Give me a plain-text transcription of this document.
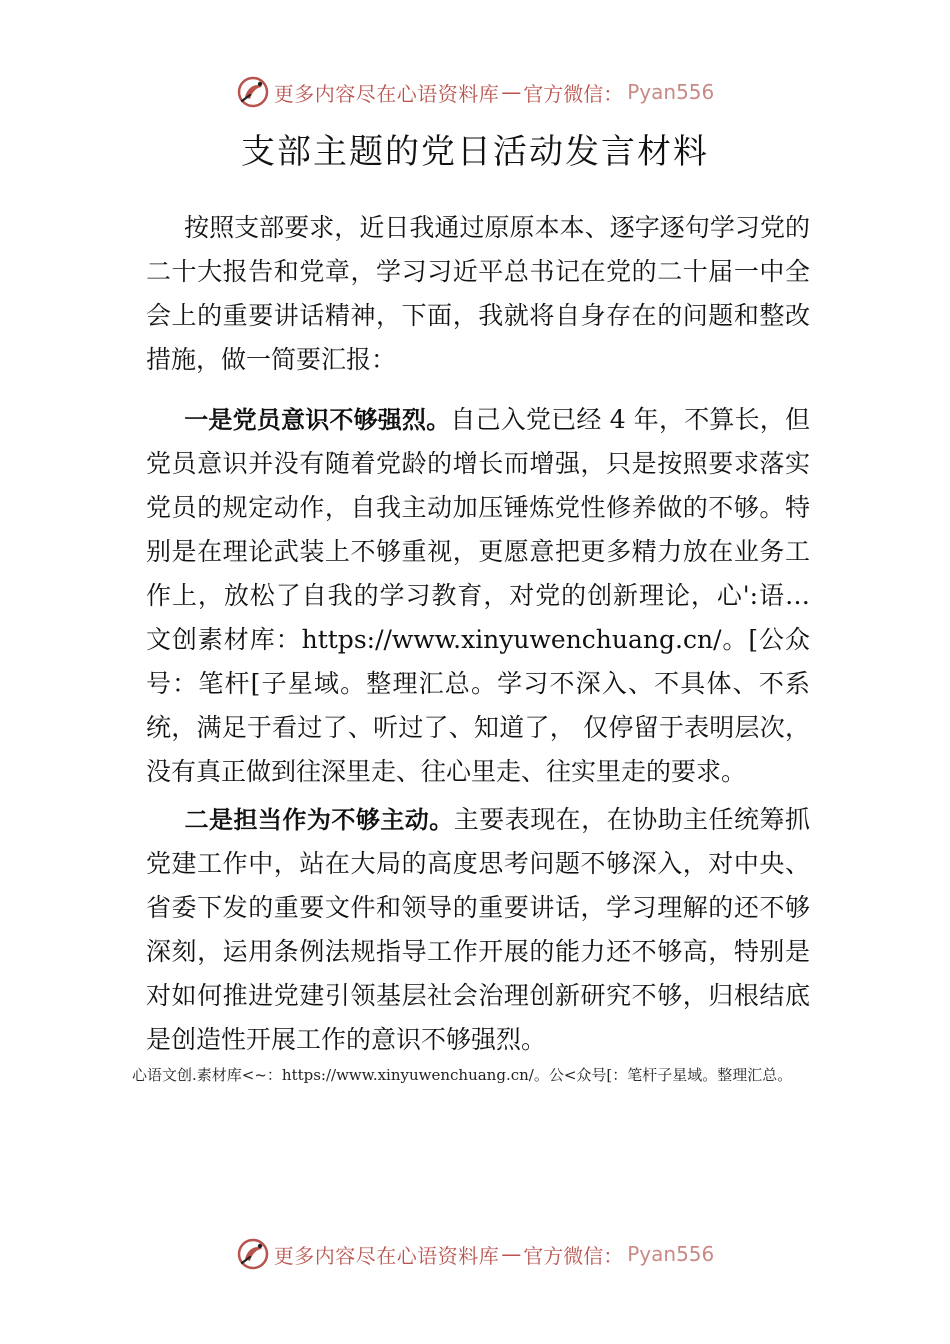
更多内容尽在心语资料库 — 官方微信： Pyan556
支部主题的党日活动发言材料

按照支部要求，近日我通过原原本本、逐字逐句学习党的二十大报告和党章，学习习近平总书记在党的二十届一中全会上的重要讲话精神，下面，我就将自身存在的问题和整改措施，做一简要汇报：

一是党员意识不够强烈。自己入党已经 4 年，不算长，但党员意识并没有随着党龄的增长而增强，只是按照要求落实党员的规定动作，自我主动加压锤炼党性修养做的不够。特别是在理论武装上不够重视，更愿意把更多精力放在业务工作上，放松了自我的学习教育，对党的创新理论，心':语…文创素材库：https://www.xinyuwenchuang.cn/。[公众号：笔杆[子星域。整理汇总。学习不深入、不具体、不系统，满足于看过了、听过了、知道了， 仅停留于表明层次，没有真正做到往深里走、往心里走、往实里走的要求。

二是担当作为不够主动。主要表现在，在协助主任统筹抓党建工作中，站在大局的高度思考问题不够深入，对中央、省委下发的重要文件和领导的重要讲话，学习理解的还不够深刻，运用条例法规指导工作开展的能力还不够高，特别是对如何推进党建引领基层社会治理创新研究不够，归根结底是创造性开展工作的意识不够强烈。

心语文创.素材库<~：https://www.xinyuwenchuang.cn/。公<众号[：笔杆子星域。整理汇总。

更多内容尽在心语资料库 — 官方微信： Pyan556
